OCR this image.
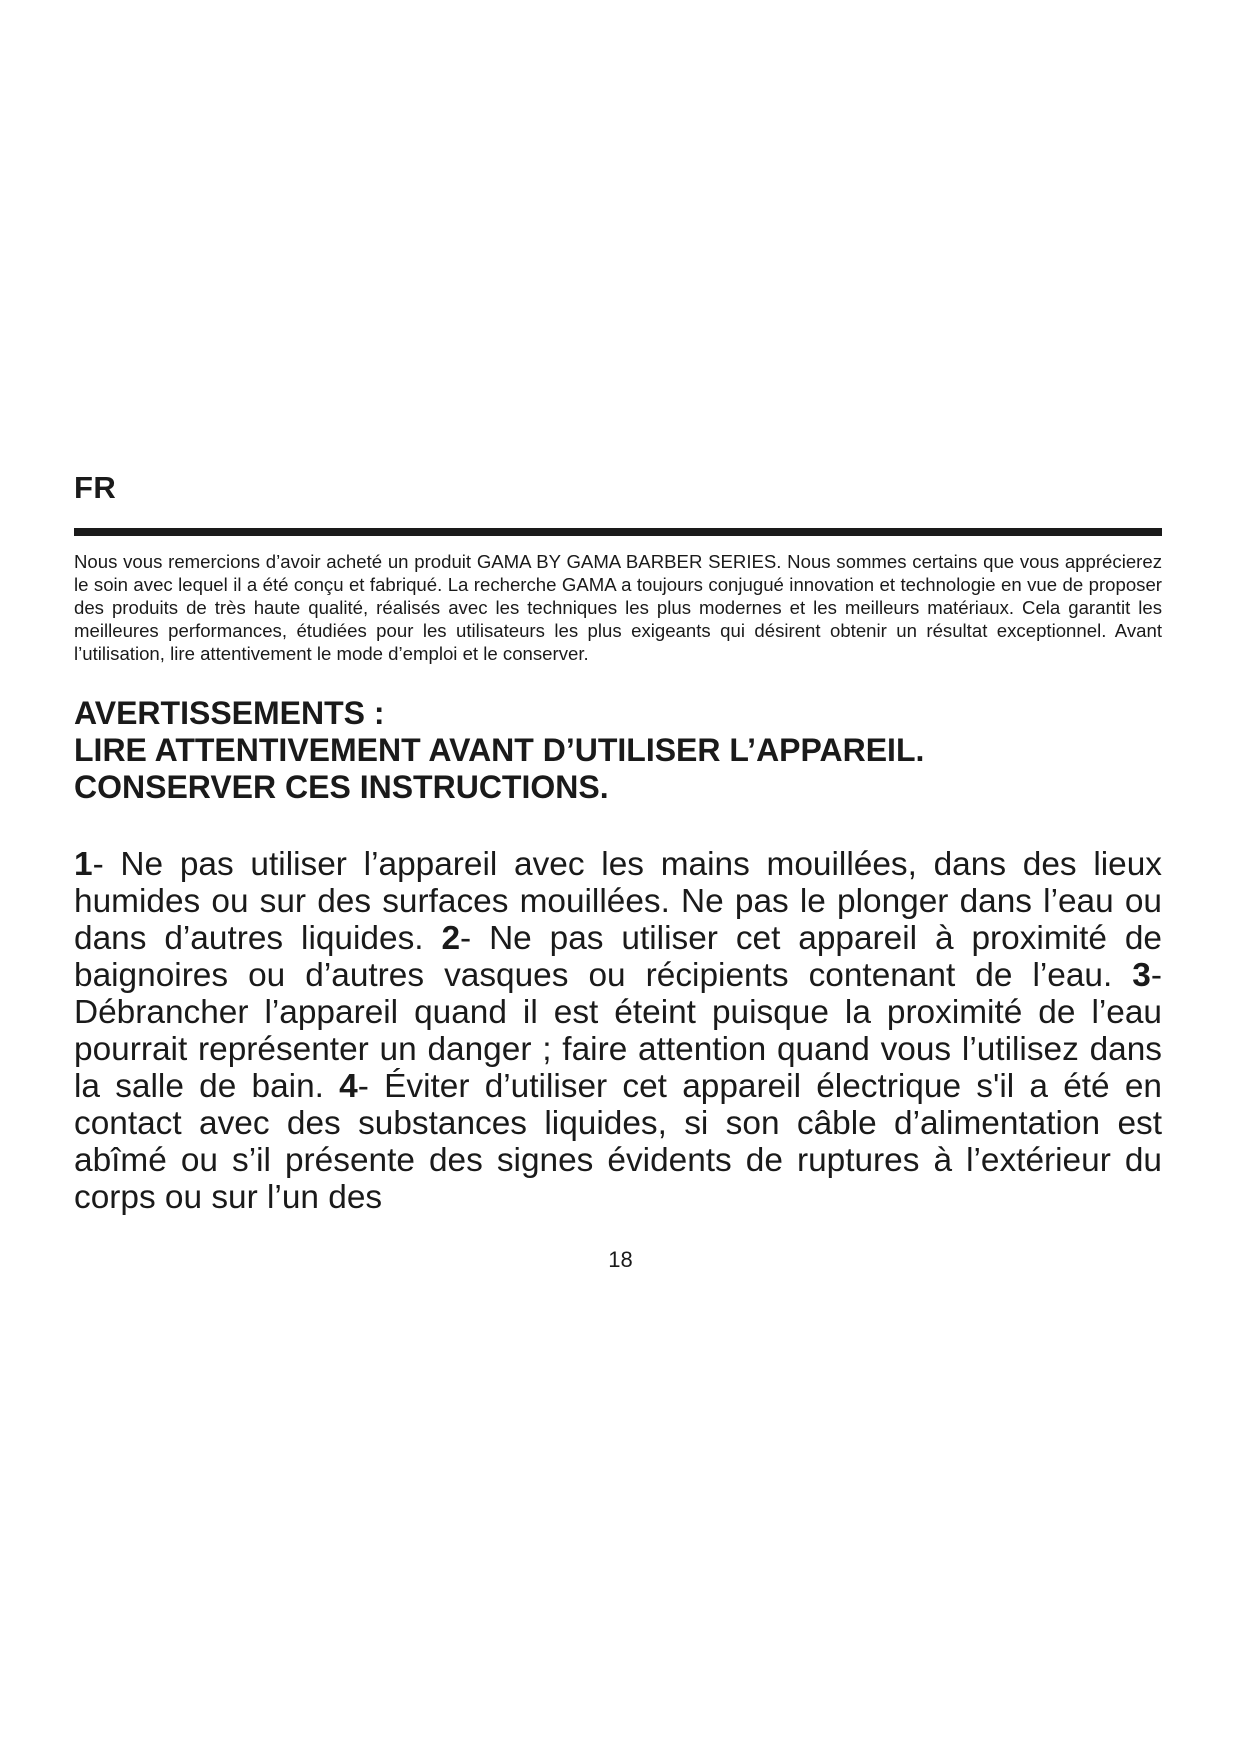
FR

Nous vous remercions d’avoir acheté un produit GAMA BY GAMA BARBER SERIES. Nous sommes certains que vous apprécierez le soin avec lequel il a été conçu et fabriqué. La recherche GAMA a toujours conjugué innovation et technologie en vue de proposer des produits de très haute qualité, réalisés avec les techniques les plus modernes et les meilleurs matériaux. Cela garantit les meilleures performances, étudiées pour les utilisateurs les plus exigeants qui désirent obtenir un résultat exceptionnel. Avant l’utilisation, lire attentivement le mode d’emploi et le conserver.

AVERTISSEMENTS :
LIRE ATTENTIVEMENT AVANT D’UTILISER L’APPAREIL.
CONSERVER CES INSTRUCTIONS.
1- Ne pas utiliser l’appareil avec les mains mouillées, dans des lieux humides ou sur des surfaces mouillées. Ne pas le plonger dans l’eau ou dans d’autres liquides. 2- Ne pas utiliser cet appareil à proximité de baignoires ou d’autres vasques ou récipients contenant de l’eau. 3- Débrancher l’appareil quand il est éteint puisque la proximité de l’eau pourrait représenter un danger ; faire attention quand vous l’utilisez dans la salle de bain. 4- Éviter d’utiliser cet appareil électrique s'il a été en contact avec des substances liquides, si son câble d’alimentation est abîmé ou s’il présente des signes évidents de ruptures à l’extérieur du corps ou sur l’un des
18
